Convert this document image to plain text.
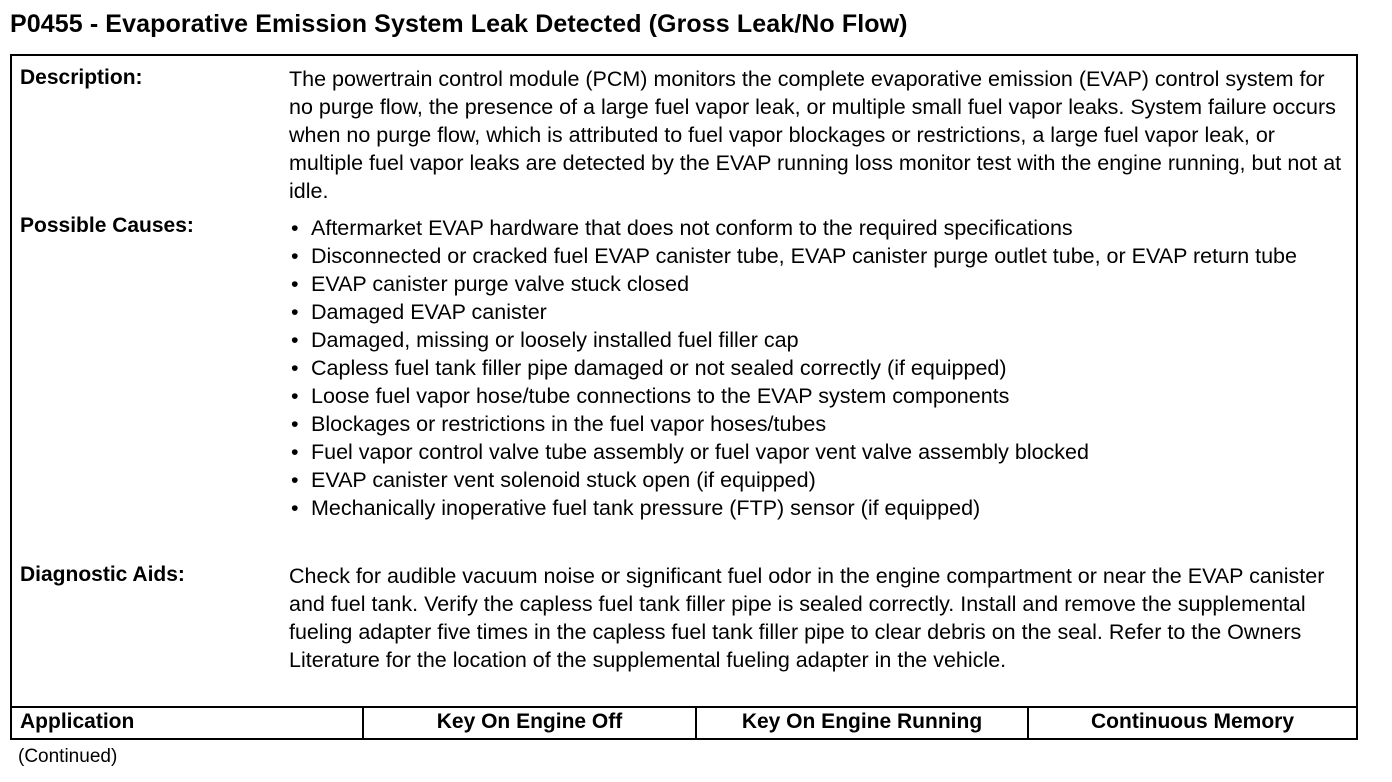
P0455 - Evaporative Emission System Leak Detected (Gross Leak/No Flow)
Description:	The powertrain control module (PCM) monitors the complete evaporative emission (EVAP) control system for no purge flow, the presence of a large fuel vapor leak, or multiple small fuel vapor leaks. System failure occurs when no purge flow, which is attributed to fuel vapor blockages or restrictions, a large fuel vapor leak, or multiple fuel vapor leaks are detected by the EVAP running loss monitor test with the engine running, but not at idle.
Possible Causes:	• Aftermarket EVAP hardware that does not conform to the required specifications
• Disconnected or cracked fuel EVAP canister tube, EVAP canister purge outlet tube, or EVAP return tube
• EVAP canister purge valve stuck closed
• Damaged EVAP canister
• Damaged, missing or loosely installed fuel filler cap
• Capless fuel tank filler pipe damaged or not sealed correctly (if equipped)
• Loose fuel vapor hose/tube connections to the EVAP system components
• Blockages or restrictions in the fuel vapor hoses/tubes
• Fuel vapor control valve tube assembly or fuel vapor vent valve assembly blocked
• EVAP canister vent solenoid stuck open (if equipped)
• Mechanically inoperative fuel tank pressure (FTP) sensor (if equipped)
Diagnostic Aids:	Check for audible vacuum noise or significant fuel odor in the engine compartment or near the EVAP canister and fuel tank. Verify the capless fuel tank filler pipe is sealed correctly. Install and remove the supplemental fueling adapter five times in the capless fuel tank filler pipe to clear debris on the seal. Refer to the Owners Literature for the location of the supplemental fueling adapter in the vehicle.
Application	Key On Engine Off	Key On Engine Running	Continuous Memory
(Continued)
